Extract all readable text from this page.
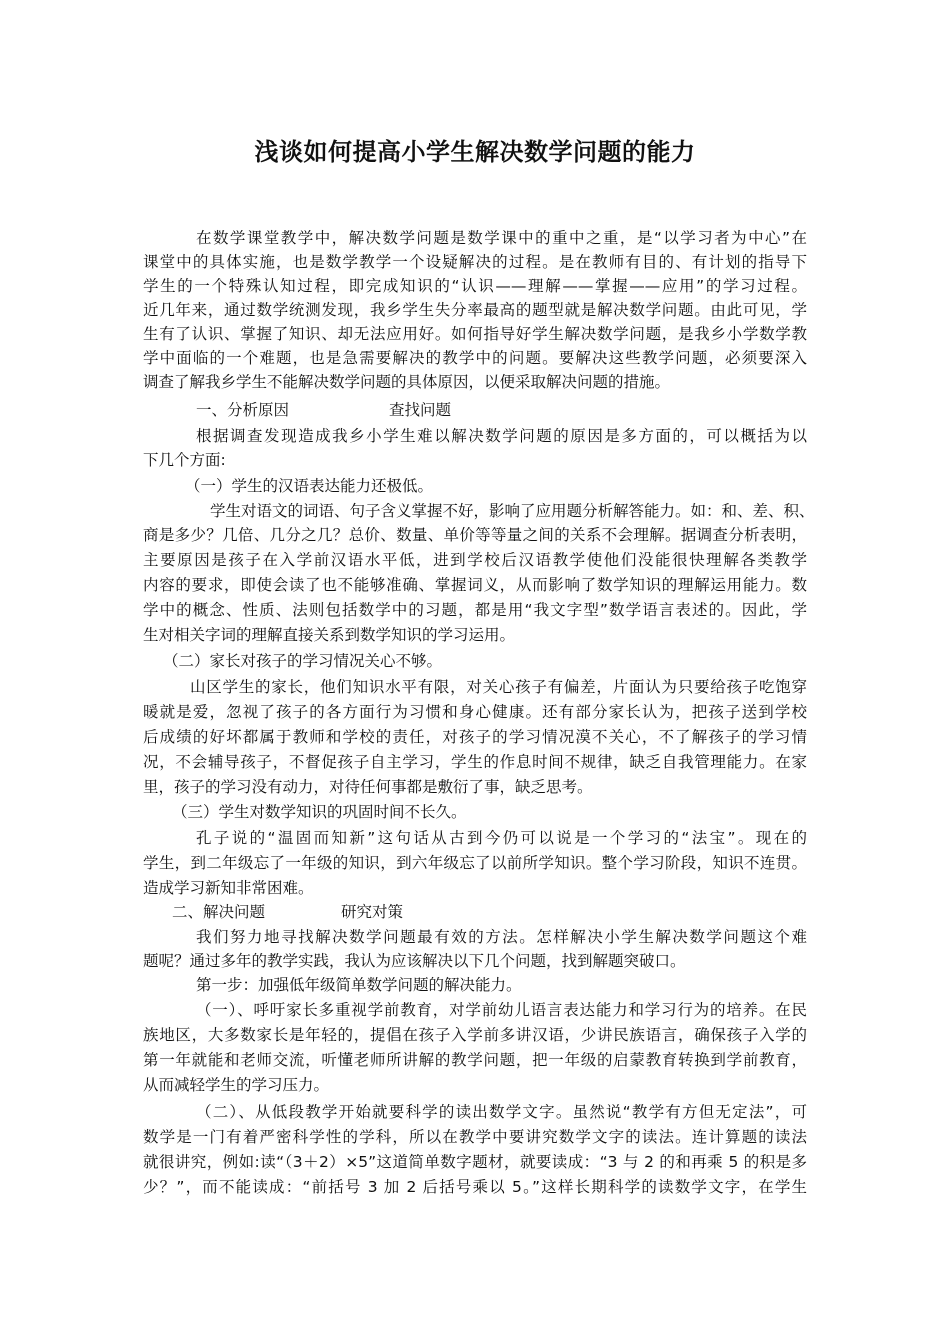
浅谈如何提高小学生解决数学问题的能力
在数学课堂教学中，解决数学问题是数学课中的重中之重，是“以学习者为中心”在
课堂中的具体实施，也是数学教学一个设疑解决的过程。是在教师有目的、有计划的指导下
学生的一个特殊认知过程，即完成知识的“认识——理解——掌握——应用”的学习过程。
近几年来，通过数学统测发现，我乡学生失分率最高的题型就是解决数学问题。由此可见，学
生有了认识、掌握了知识、却无法应用好。如何指导好学生解决数学问题，是我乡小学数学教
学中面临的一个难题，也是急需要解决的教学中的问题。要解决这些教学问题，必须要深入
调查了解我乡学生不能解决数学问题的具体原因，以便采取解决问题的措施。
一、分析原因	查找问题
根据调查发现造成我乡小学生难以解决数学问题的原因是多方面的，可以概括为以
下几个方面:
（一）学生的汉语表达能力还极低。
学生对语文的词语、句子含义掌握不好，影响了应用题分析解答能力。如：和、差、积、
商是多少？几倍、几分之几？总价、数量、单价等等量之间的关系不会理解。据调查分析表明，
主要原因是孩子在入学前汉语水平低，进到学校后汉语教学使他们没能很快理解各类教学
内容的要求，即使会读了也不能够准确、掌握词义，从而影响了数学知识的理解运用能力。数
学中的概念、性质、法则包括数学中的习题，都是用“我文字型”数学语言表述的。因此，学
生对相关字词的理解直接关系到数学知识的学习运用。
（二）家长对孩子的学习情况关心不够。
山区学生的家长，他们知识水平有限，对关心孩子有偏差，片面认为只要给孩子吃饱穿
暖就是爱，忽视了孩子的各方面行为习惯和身心健康。还有部分家长认为，把孩子送到学校
后成绩的好坏都属于教师和学校的责任，对孩子的学习情况漠不关心，不了解孩子的学习情
况，不会辅导孩子，不督促孩子自主学习，学生的作息时间不规律，缺乏自我管理能力。在家
里，孩子的学习没有动力，对待任何事都是敷衍了事，缺乏思考。
（三）学生对数学知识的巩固时间不长久。
孔子说的“温固而知新”这句话从古到今仍可以说是一个学习的“法宝”。现在的
学生，到二年级忘了一年级的知识，到六年级忘了以前所学知识。整个学习阶段，知识不连贯。
造成学习新知非常困难。
二、解决问题	研究对策
我们努力地寻找解决数学问题最有效的方法。怎样解决小学生解决数学问题这个难
题呢？通过多年的教学实践，我认为应该解决以下几个问题，找到解题突破口。
第一步：加强低年级简单数学问题的解决能力。
（一）、呼吁家长多重视学前教育，对学前幼儿语言表达能力和学习行为的培养。在民
族地区，大多数家长是年轻的，提倡在孩子入学前多讲汉语，少讲民族语言，确保孩子入学的
第一年就能和老师交流，听懂老师所讲解的教学问题，把一年级的启蒙教育转换到学前教育，
从而减轻学生的学习压力。
（二）、从低段教学开始就要科学的读出数学文字。虽然说“教学有方但无定法”，可
数学是一门有着严密科学性的学科，所以在教学中要讲究数学文字的读法。连计算题的读法
就很讲究，例如:读“（3＋2）×5”这道简单数字题材，就要读成：“3 与 2 的和再乘 5 的积是多
少？”，而不能读成：“前括号 3 加 2 后括号乘以 5。”这样长期科学的读数学文字，在学生
